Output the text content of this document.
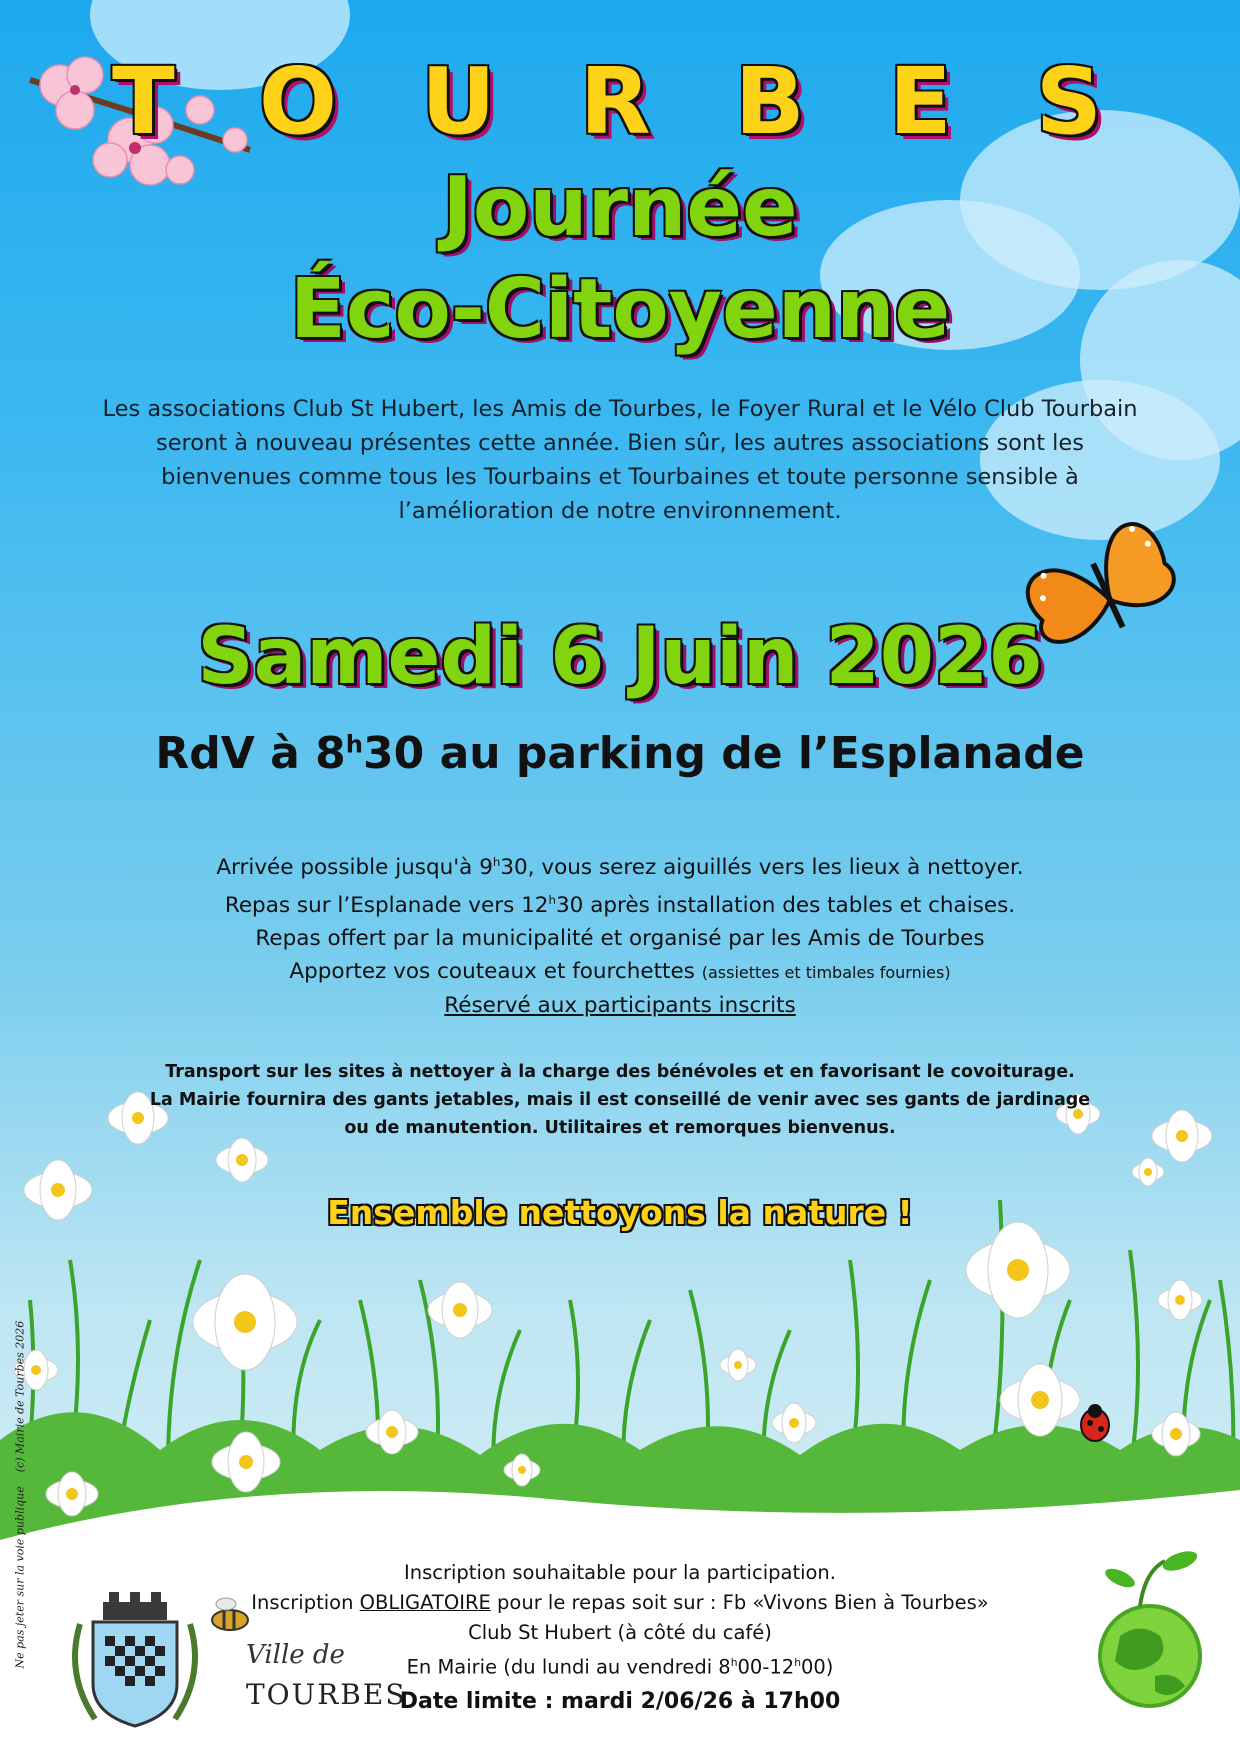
T O U R B E S
Journée
Éco-Citoyenne
Les associations Club St Hubert, les Amis de Tourbes, le Foyer Rural et le Vélo Club Tourbain
seront à nouveau présentes cette année. Bien sûr, les autres associations sont les
bienvenues comme tous les Tourbains et Tourbaines et toute personne sensible à
l’amélioration de notre environnement.
Samedi 6 Juin 2026
RdV à 8$^h$30 au parking de l’Esplanade
Arrivée possible jusqu'à 9$^h$30, vous serez aiguillés vers les lieux à nettoyer.
Repas sur l’Esplanade vers 12$^h$30 après installation des tables et chaises.
Repas offert par la municipalité et organisé par les Amis de Tourbes
Apportez vos couteaux et fourchettes (assiettes et timbales fournies)
Réservé aux participants inscrits
Transport sur les sites à nettoyer à la charge des bénévoles et en favorisant le covoiturage.
La Mairie fournira des gants jetables, mais il est conseillé de venir avec ses gants de jardinage
ou de manutention. Utilitaires et remorques bienvenus.
Ensemble nettoyons la nature !
Inscription souhaitable pour la participation.
Inscription OBLIGATOIRE pour le repas soit sur : Fb «Vivons Bien à Tourbes»
Club St Hubert (à côté du café)
En Mairie (du lundi au vendredi 8$^h$00-12$^h$00)
Date limite : mardi 2/06/26 à 17h00
Ne pas jeter sur la voie publique(c) Mairie de Tourbes 2026
Ville de
TOURBES
